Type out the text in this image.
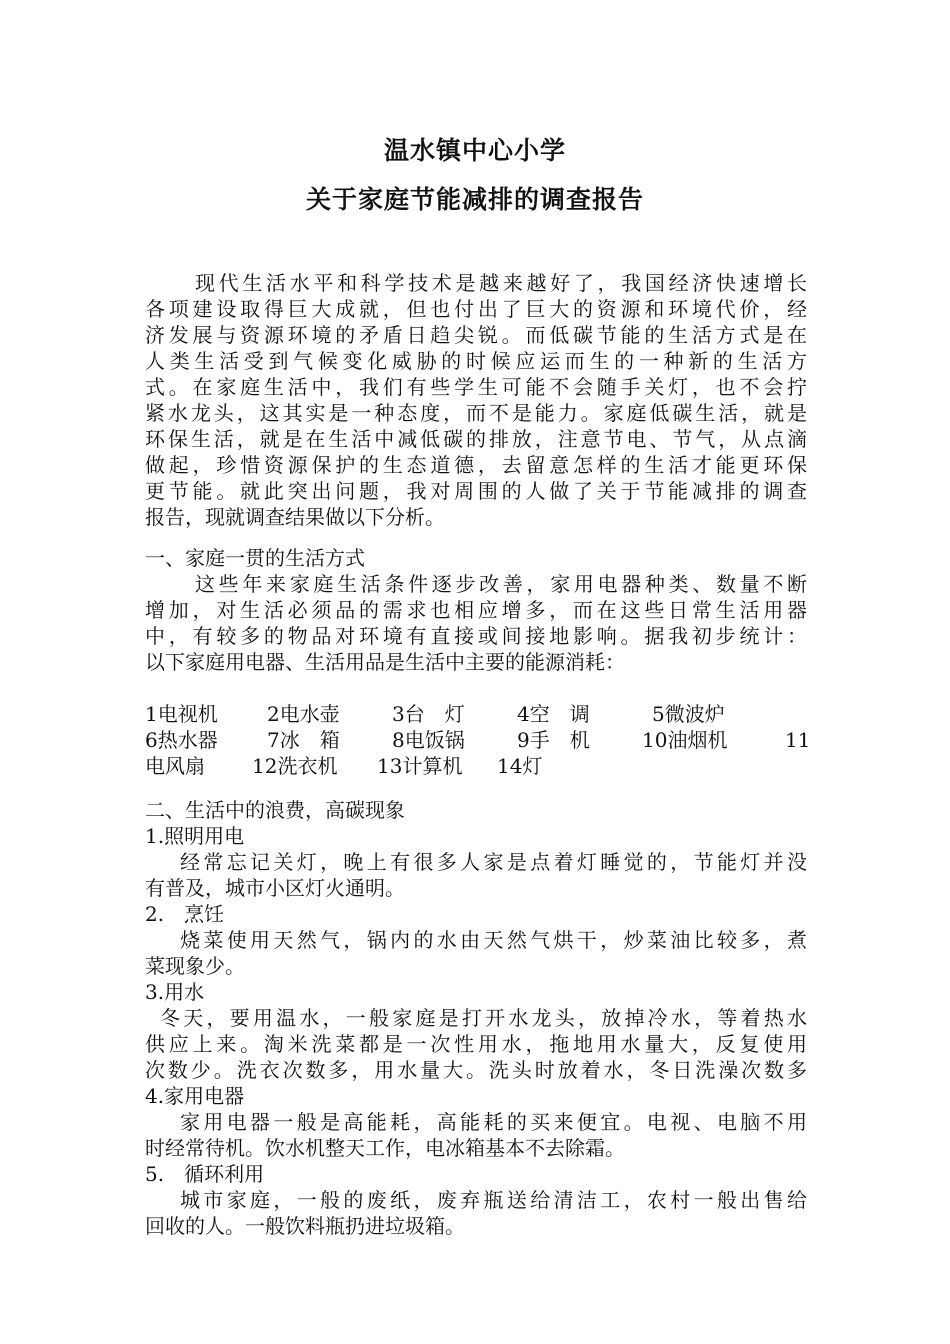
温水镇中心小学
关于家庭节能减排的调查报告
现代生活水平和科学技术是越来越好了，我国经济快速增长
各项建设取得巨大成就，但也付出了巨大的资源和环境代价，经
济发展与资源环境的矛盾日趋尖锐。而低碳节能的生活方式是在
人类生活受到气候变化威胁的时候应运而生的一种新的生活方
式。在家庭生活中，我们有些学生可能不会随手关灯，也不会拧
紧水龙头，这其实是一种态度，而不是能力。家庭低碳生活，就是
环保生活，就是在生活中减低碳的排放，注意节电、节气，从点滴
做起，珍惜资源保护的生态道德，去留意怎样的生活才能更环保
更节能。就此突出问题，我对周围的人做了关于节能减排的调查
报告，现就调查结果做以下分析。
一、家庭一贯的生活方式
这些年来家庭生活条件逐步改善，家用电器种类、数量不断
增加，对生活必须品的需求也相应增多，而在这些日常生活用器
中，有较多的物品对环境有直接或间接地影响。据我初步统计：
以下家庭用电器、生活用品是生活中主要的能源消耗：
1电视机 2电水壶	3台　灯	4空　调	5微波炉
6热水器 7冰　箱	8电饭锅	9手　机	10油烟机	11
电风扇 12洗衣机 13计算机 14灯
二、生活中的浪费，高碳现象
1.照明用电
经常忘记关灯，晚上有很多人家是点着灯睡觉的，节能灯并没
有普及，城市小区灯火通明。
2.　烹饪
烧菜使用天然气，锅内的水由天然气烘干，炒菜油比较多，煮
菜现象少。
3.用水
冬天，要用温水，一般家庭是打开水龙头，放掉冷水，等着热水
供应上来。淘米洗菜都是一次性用水，拖地用水量大，反复使用
次数少。洗衣次数多，用水量大。洗头时放着水，冬日洗澡次数多
4.家用电器
家用电器一般是高能耗，高能耗的买来便宜。电视、电脑不用
时经常待机。饮水机整天工作，电冰箱基本不去除霜。
5.　循环利用
城市家庭，一般的废纸，废弃瓶送给清洁工，农村一般出售给
回收的人。一般饮料瓶扔进垃圾箱。
